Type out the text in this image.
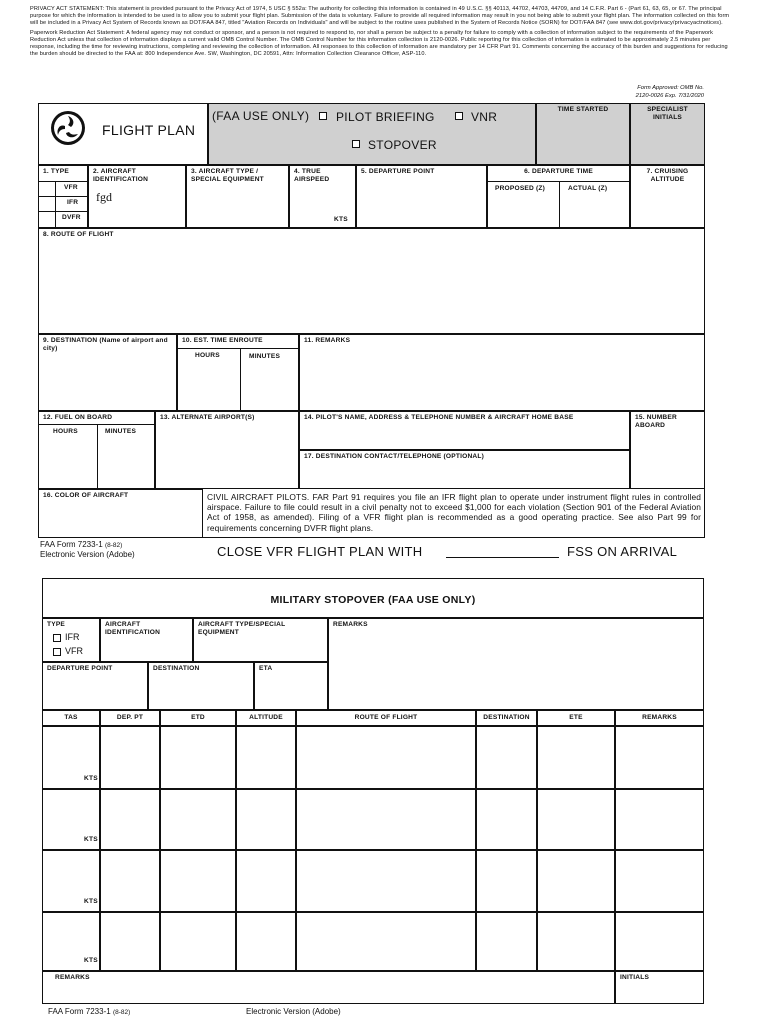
PRIVACY ACT STATEMENT: This statement is provided pursuant to the Privacy Act of 1974, 5 USC § 552a: The authority for collecting this information is contained in 49 U.S.C. §§ 40113, 44702, 44703, 44709, and 14 C.F.R. Part 6 - (Part 61, 63, 65, or 67. The principal purpose for which the information is intended to be used is to allow you to submit your flight plan. Submission of the data is voluntary. Failure to provide all required information may result in you not being able to submit your flight plan. The information collected on this form will be included in a Privacy Act System of Records known as DOT/FAA 847, titled "Aviation Records on Individuals" and will be subject to the routine uses published in the System of Records Notice (SORN) for DOT/FAA 847 (see www.dot.gov/privacy/privacyactnotices).

Paperwork Reduction Act Statement: A federal agency may not conduct or sponsor, and a person is not required to respond to, nor shall a person be subject to a penalty for failure to comply with a collection of information subject to the requirements of the Paperwork Reduction Act unless that collection of information displays a current valid OMB Control Number. The OMB Control Number for this information collection is 2120-0026. Public reporting for this collection of information is estimated to be approximately 2.5 minutes per response, including the time for reviewing instructions, completing and reviewing the collection of information. All responses to this collection of information are mandatory per 14 CFR Part 91. Comments concerning the accuracy of this burden and suggestions for reducing the burden should be directed to the FAA at: 800 Independence Ave. SW, Washington, DC 20591, Attn: Information Collection Clearance Officer, ASP-110.

Form Approved: OMB No.
2120-0026 Exp. 7/31/2020
FLIGHT PLAN
(FAA USE ONLY) PILOT BRIEFING	VNR
STOPOVER
TIME STARTED	SPECIALIST INITIALS
1. TYPE
VFR
IFR
DVFR
2. AIRCRAFT IDENTIFICATION
fgd
3. AIRCRAFT TYPE / SPECIAL EQUIPMENT
4. TRUE AIRSPEED
KTS
5. DEPARTURE POINT	6. DEPARTURE TIME
PROPOSED (Z)	ACTUAL (Z)
7. CRUISING ALTITUDE
8. ROUTE OF FLIGHT
9. DESTINATION (Name of airport and city)
10. EST. TIME ENROUTE
HOURS	MINUTES
11. REMARKS
12. FUEL ON BOARD
HOURS	MINUTES
13. ALTERNATE AIRPORT(S)	14. PILOT'S NAME, ADDRESS & TELEPHONE NUMBER & AIRCRAFT HOME BASE
17. DESTINATION CONTACT/TELEPHONE (OPTIONAL)
15. NUMBER ABOARD
16. COLOR OF AIRCRAFT	CIVIL AIRCRAFT PILOTS. FAR Part 91 requires you file an IFR flight plan to operate under instrument flight rules in controlled airspace. Failure to file could result in a civil penalty not to exceed $1,000 for each violation (Section 901 of the Federal Aviation Act of 1958, as amended). Filing of a VFR flight plan is recommended as a good operating practice. See also Part 99 for requirements concerning DVFR flight plans.
FAA Form 7233-1 (8-82)
Electronic Version (Adobe)	CLOSE VFR FLIGHT PLAN WITH	FSS ON ARRIVAL
MILITARY STOPOVER (FAA USE ONLY)
TYPE
IFR
VFR
AIRCRAFT IDENTIFICATION
AIRCRAFT TYPE/SPECIAL EQUIPMENT
REMARKS
DEPARTURE POINT	DESTINATION	ETA
TAS	DEP. PT	ETD	ALTITUDE	ROUTE OF FLIGHT	DESTINATION	ETE	REMARKS
KTS
KTS
KTS
KTS
REMARKS	INITIALS
FAA Form 7233-1 (8-82)	Electronic Version (Adobe)
